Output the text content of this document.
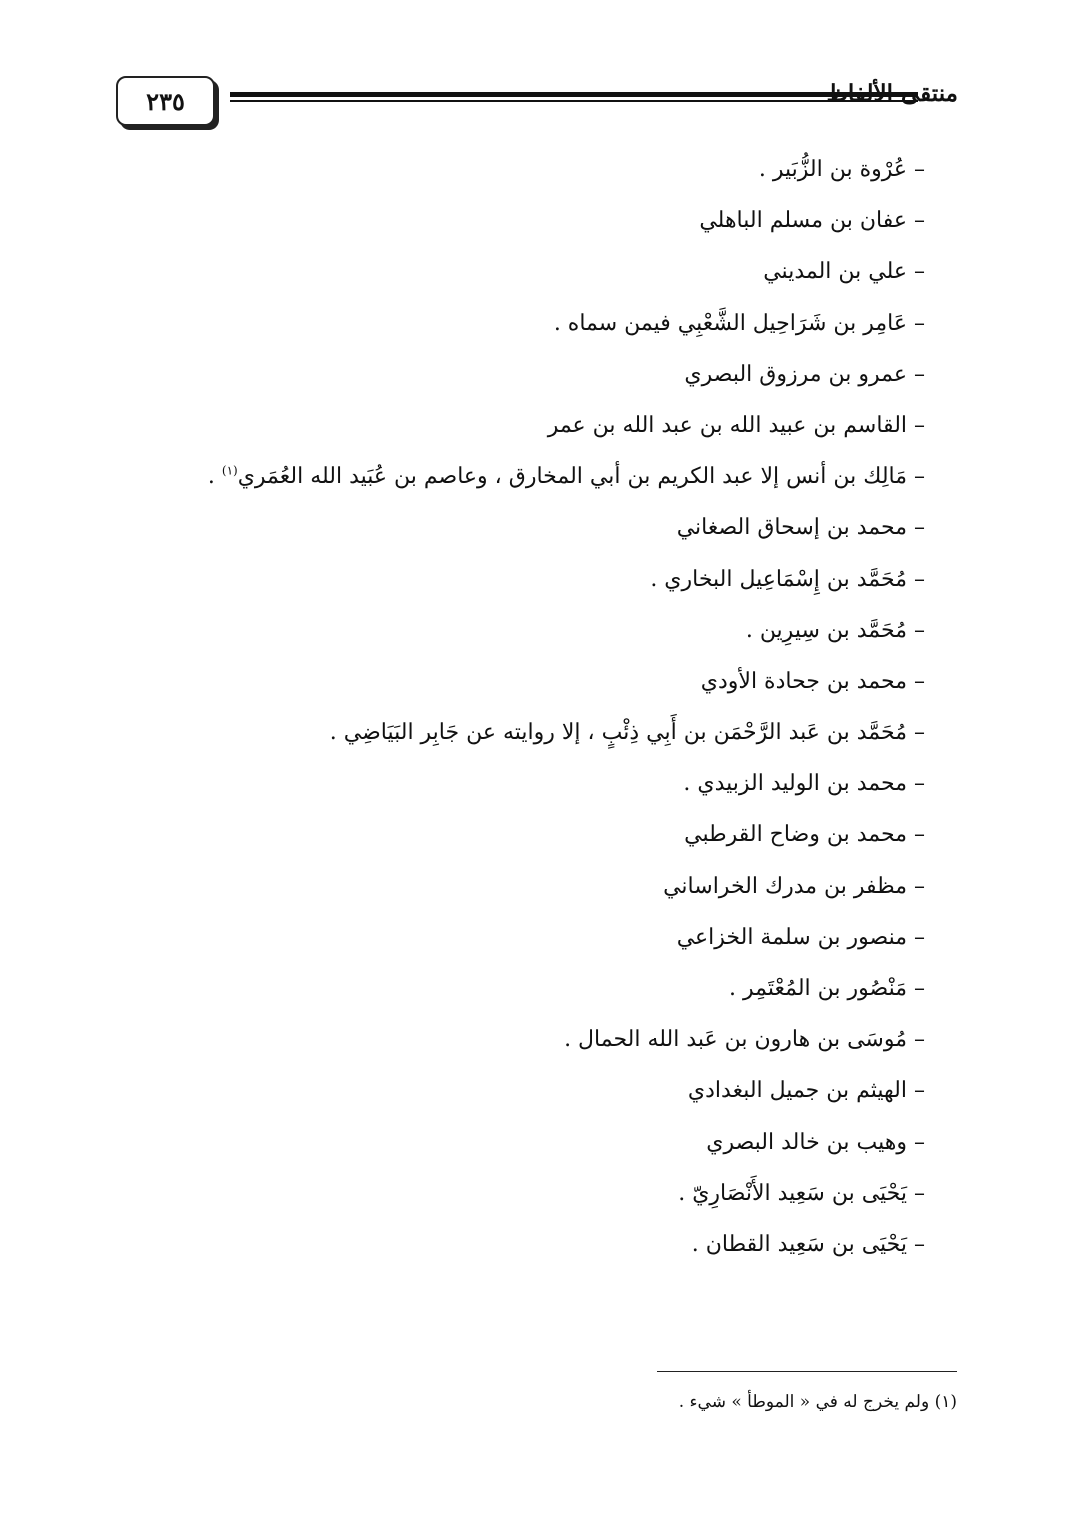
٢٣٥	منتقى الألفاظ
– عُرْوة بن الزُّبَير .
– عفان بن مسلم الباهلي
– علي بن المديني
– عَامِر بن شَرَاحِيل الشَّعْبِي فيمن سماه .
– عمرو بن مرزوق البصري
– القاسم بن عبيد الله بن عبد الله بن عمر
– مَالِك بن أنس إلا عبد الكريم بن أبي المخارق ، وعاصم بن عُبَيد الله العُمَري$^{(١)}$ .
– محمد بن إسحاق الصغاني
– مُحَمَّد بن إِسْمَاعِيل البخاري .
– مُحَمَّد بن سِيرِين .
– محمد بن جحادة الأودي
– مُحَمَّد بن عَبد الرَّحْمَن بن أَبِي ذِئْبٍ ، إلا روايته عن جَابِر البَيَاضِي .
– محمد بن الوليد الزبيدي .
– محمد بن وضاح القرطبي
– مظفر بن مدرك الخراساني
– منصور بن سلمة الخزاعي
– مَنْصُور بن المُعْتَمِر .
– مُوسَى بن هارون بن عَبد الله الحمال .
– الهيثم بن جميل البغدادي
– وهيب بن خالد البصري
– يَحْيَى بن سَعِيد الأَنْصَارِيّ .
– يَحْيَى بن سَعِيد القطان .
(١) ولم يخرج له في « الموطأ » شيء .
